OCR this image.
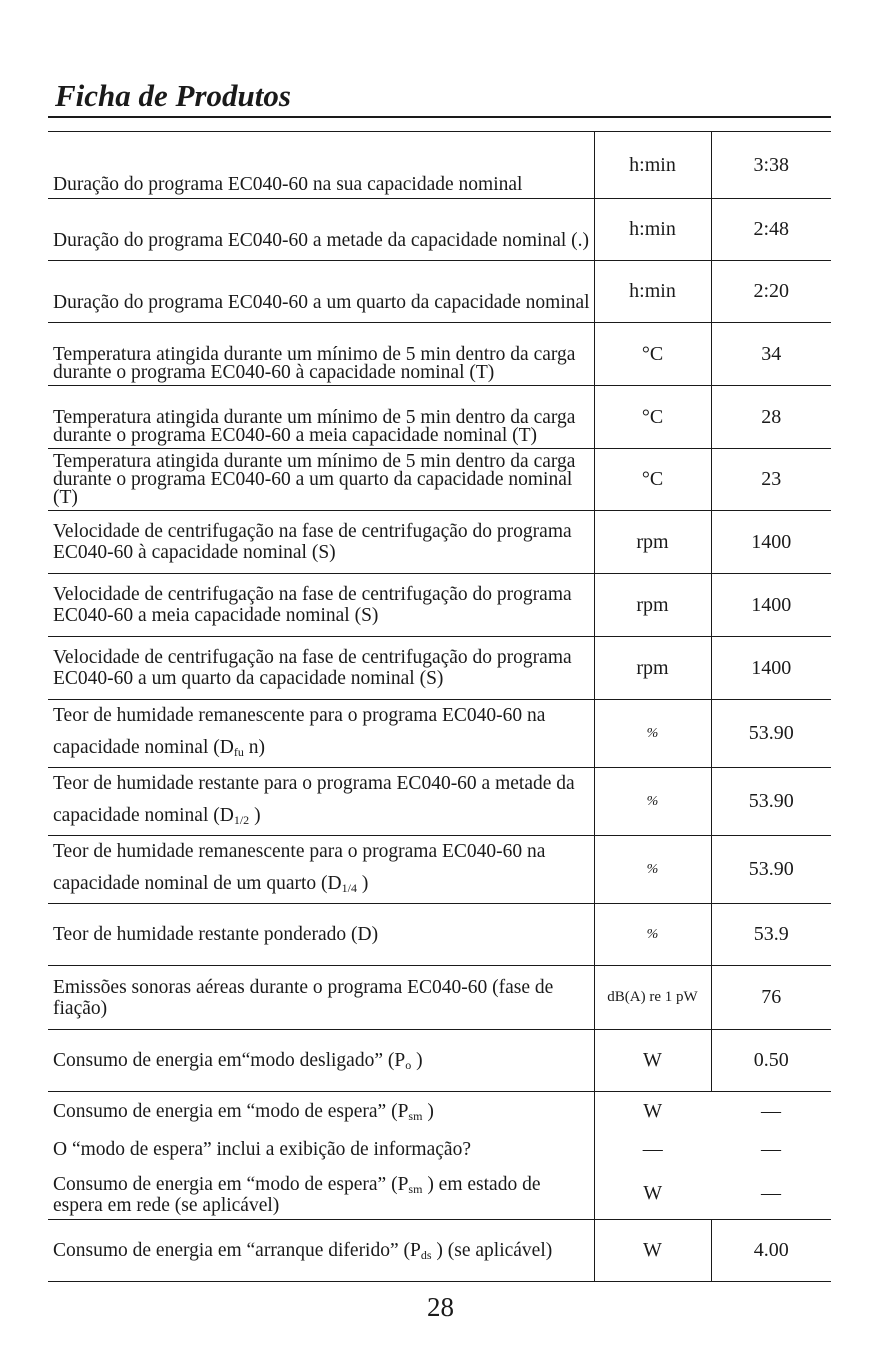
Ficha de Produtos
Duração do programa EC040-60 na sua capacidade nominal	h:min	3:38
Duração do programa EC040-60 a metade da capacidade nominal (.)	h:min	2:48
Duração do programa EC040-60 a um quarto da capacidade nominal	h:min	2:20
Temperatura atingida durante um mínimo de 5 min dentro da carga durante o programa EC040-60 à capacidade nominal (T)	°C	34
Temperatura atingida durante um mínimo de 5 min dentro da carga durante o programa EC040-60 a meia capacidade nominal (T)	°C	28
Temperatura atingida durante um mínimo de 5 min dentro da carga durante o programa EC040-60 a um quarto da capacidade nominal (T)	°C	23
Velocidade de centrifugação na fase de centrifugação do programa EC040-60 à capacidade nominal (S)	rpm	1400
Velocidade de centrifugação na fase de centrifugação do programa EC040-60 a meia capacidade nominal (S)	rpm	1400
Velocidade de centrifugação na fase de centrifugação do programa EC040-60 a um quarto da capacidade nominal (S)	rpm	1400
Teor de humidade remanescente para o programa EC040-60 na capacidade nominal ($D_{fu}$ n)	%	53.90
Teor de humidade restante para o programa EC040-60 a metade da capacidade nominal ($D_{1/2}$ )	%	53.90
Teor de humidade remanescente para o programa EC040-60 na capacidade nominal de um quarto ($D_{1/4}$ )	%	53.90
Teor de humidade restante ponderado (D)	%	53.9
Emissões sonoras aéreas durante o programa EC040-60 (fase de fiação)	dB(A) re 1 pW	76
Consumo de energia em“modo desligado” ($P_o$ )	W	0.50
Consumo de energia em “modo de espera” ($P_{sm}$ )	W	—
O “modo de espera” inclui a exibição de informação?	—	—
Consumo de energia em “modo de espera” ($P_{sm}$ ) em estado de espera em rede (se aplicável)	W	—
Consumo de energia em “arranque diferido” ($P_{ds}$ ) (se aplicável)	W	4.00
28
